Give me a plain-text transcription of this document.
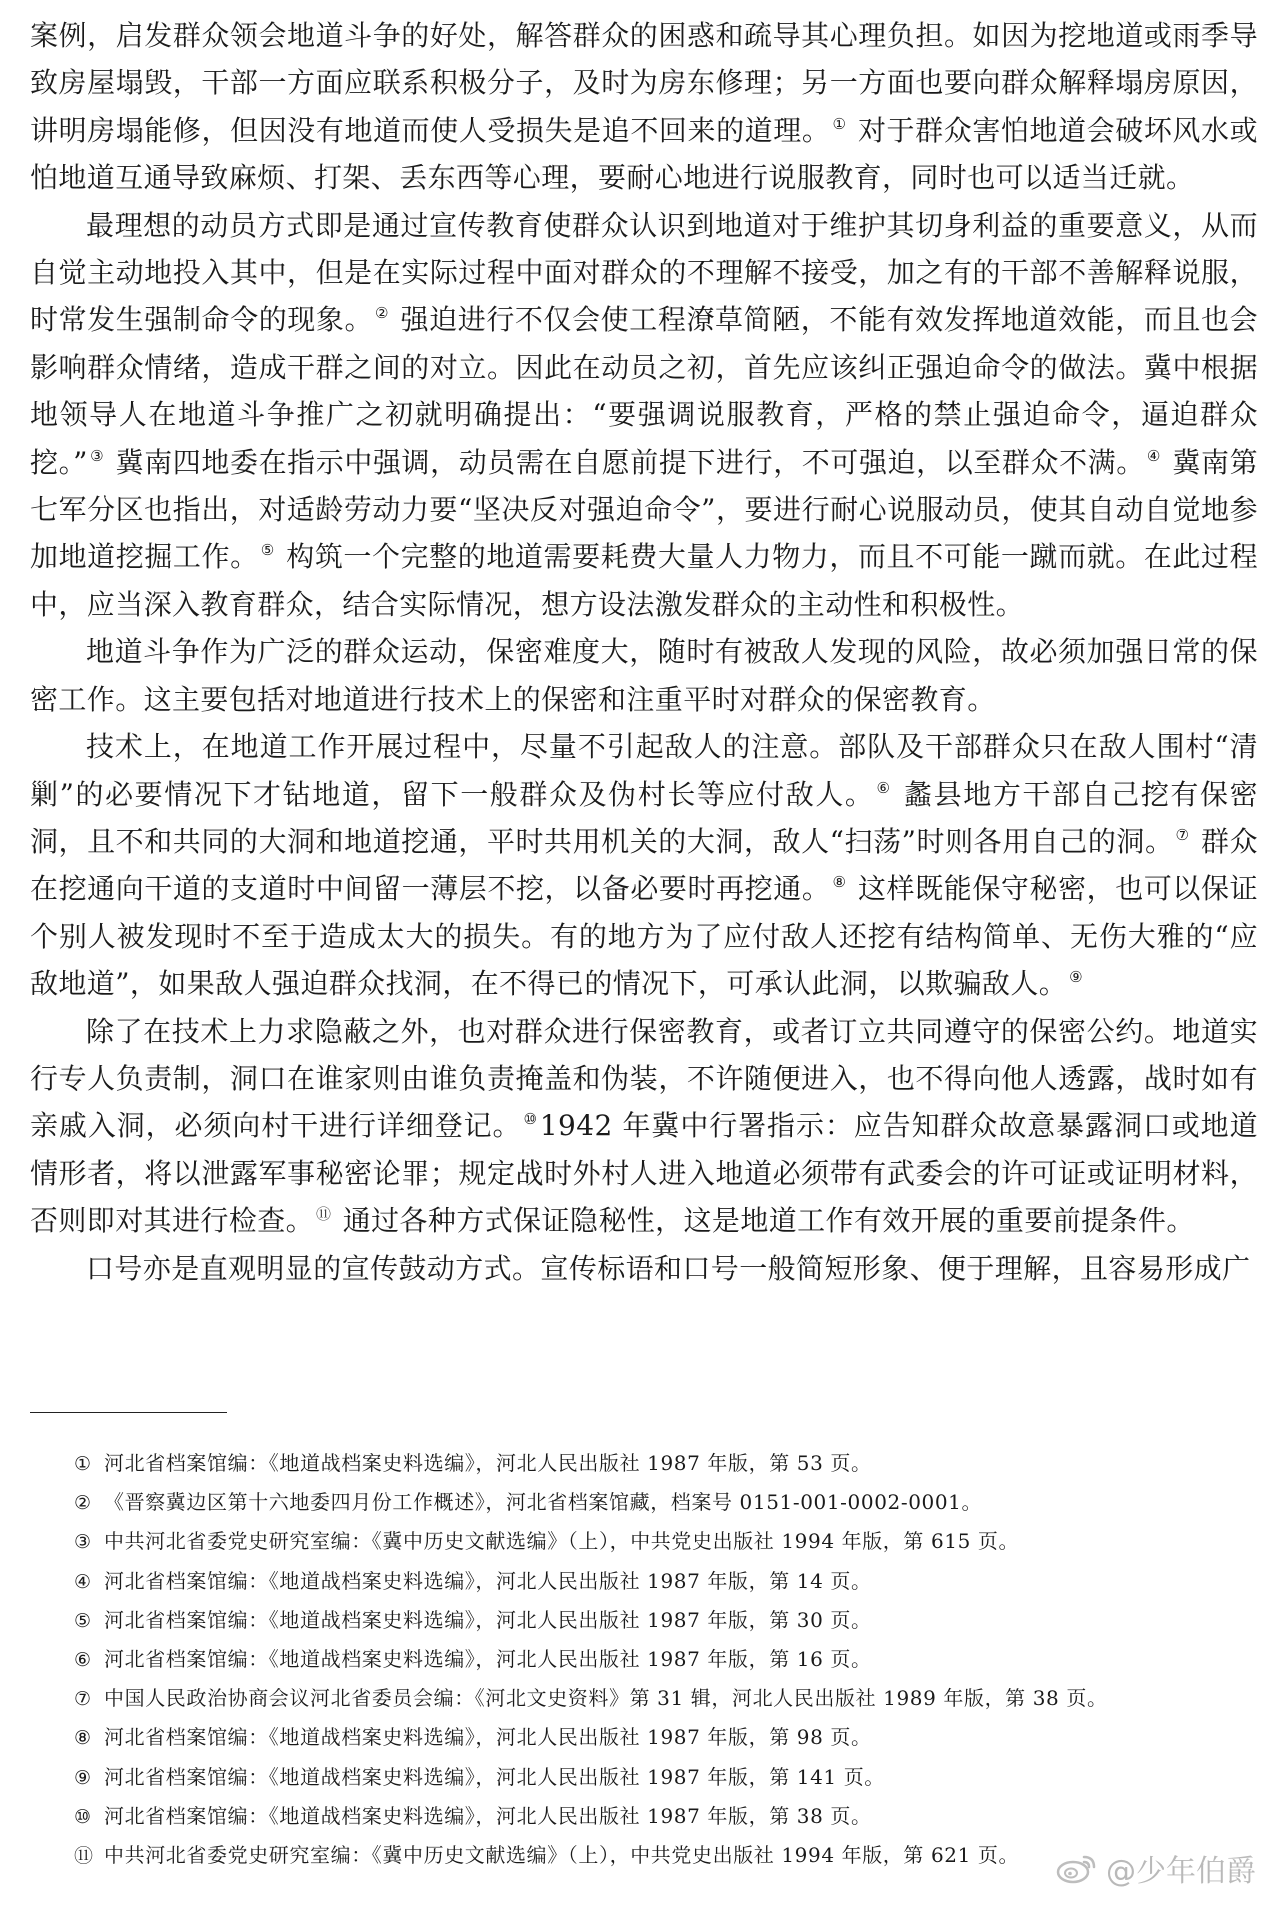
案例，启发群众领会地道斗争的好处，解答群众的困惑和疏导其心理负担。如因为挖地道或雨季导致房屋塌毁，干部一方面应联系积极分子，及时为房东修理；另一方面也要向群众解释塌房原因，讲明房塌能修，但因没有地道而使人受损失是追不回来的道理。 ① 对于群众害怕地道会破坏风水或怕地道互通导致麻烦、打架、丢东西等心理，要耐心地进行说服教育，同时也可以适当迁就。

最理想的动员方式即是通过宣传教育使群众认识到地道对于维护其切身利益的重要意义，从而自觉主动地投入其中，但是在实际过程中面对群众的不理解不接受，加之有的干部不善解释说服，时常发生强制命令的现象。 ② 强迫进行不仅会使工程潦草简陋，不能有效发挥地道效能，而且也会影响群众情绪，造成干群之间的对立。因此在动员之初，首先应该纠正强迫命令的做法。冀中根据地领导人在地道斗争推广之初就明确提出：“要强调说服教育，严格的禁止强迫命令，逼迫群众挖。” ③ 冀南四地委在指示中强调，动员需在自愿前提下进行，不可强迫，以至群众不满。 ④ 冀南第七军分区也指出，对适龄劳动力要“坚决反对强迫命令”，要进行耐心说服动员，使其自动自觉地参加地道挖掘工作。 ⑤ 构筑一个完整的地道需要耗费大量人力物力，而且不可能一蹴而就。在此过程中，应当深入教育群众，结合实际情况，想方设法激发群众的主动性和积极性。

地道斗争作为广泛的群众运动，保密难度大，随时有被敌人发现的风险，故必须加强日常的保密工作。这主要包括对地道进行技术上的保密和注重平时对群众的保密教育。

技术上，在地道工作开展过程中，尽量不引起敌人的注意。部队及干部群众只在敌人围村“清剿”的必要情况下才钻地道，留下一般群众及伪村长等应付敌人。 ⑥ 蠡县地方干部自己挖有保密洞，且不和共同的大洞和地道挖通，平时共用机关的大洞，敌人“扫荡”时则各用自己的洞。 ⑦ 群众在挖通向干道的支道时中间留一薄层不挖，以备必要时再挖通。 ⑧ 这样既能保守秘密，也可以保证个别人被发现时不至于造成太大的损失。有的地方为了应付敌人还挖有结构简单、无伤大雅的“应敌地道”，如果敌人强迫群众找洞，在不得已的情况下，可承认此洞，以欺骗敌人。 ⑨

除了在技术上力求隐蔽之外，也对群众进行保密教育，或者订立共同遵守的保密公约。地道实行专人负责制，洞口在谁家则由谁负责掩盖和伪装，不许随便进入，也不得向他人透露，战时如有亲戚入洞，必须向村干进行详细登记。 ⑩1942 年冀中行署指示：应告知群众故意暴露洞口或地道情形者，将以泄露军事秘密论罪；规定战时外村人进入地道必须带有武委会的许可证或证明材料，否则即对其进行检查。 ⑪ 通过各种方式保证隐秘性，这是地道工作有效开展的重要前提条件。

口号亦是直观明显的宣传鼓动方式。宣传标语和口号一般简短形象、便于理解，且容易形成广

① 河北省档案馆编：《地道战档案史料选编》，河北人民出版社 1987 年版，第 53 页。
② 《晋察冀边区第十六地委四月份工作概述》，河北省档案馆藏，档案号 0151-001-0002-0001。
③ 中共河北省委党史研究室编：《冀中历史文献选编》（上），中共党史出版社 1994 年版，第 615 页。
④ 河北省档案馆编：《地道战档案史料选编》，河北人民出版社 1987 年版，第 14 页。
⑤ 河北省档案馆编：《地道战档案史料选编》，河北人民出版社 1987 年版，第 30 页。
⑥ 河北省档案馆编：《地道战档案史料选编》，河北人民出版社 1987 年版，第 16 页。
⑦ 中国人民政治协商会议河北省委员会编：《河北文史资料》第 31 辑，河北人民出版社 1989 年版，第 38 页。
⑧ 河北省档案馆编：《地道战档案史料选编》，河北人民出版社 1987 年版，第 98 页。
⑨ 河北省档案馆编：《地道战档案史料选编》，河北人民出版社 1987 年版，第 141 页。
⑩ 河北省档案馆编：《地道战档案史料选编》，河北人民出版社 1987 年版，第 38 页。
⑪ 中共河北省委党史研究室编：《冀中历史文献选编》（上），中共党史出版社 1994 年版，第 621 页。	@少年伯爵
